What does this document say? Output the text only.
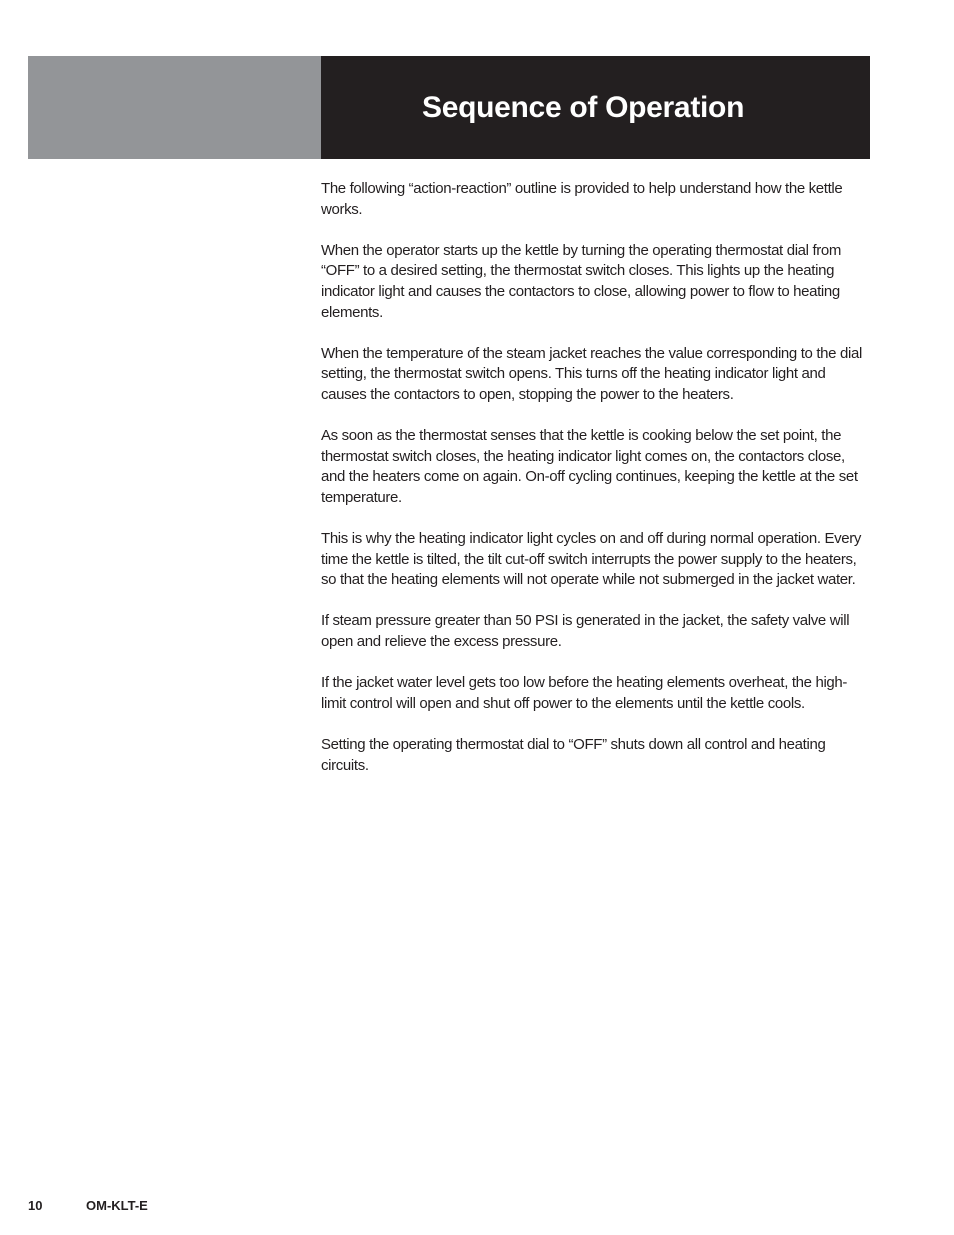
Sequence of Operation

The following “action-reaction” outline is provided to help understand how the kettle works.

When the operator starts up the kettle by turning the operating thermostat dial from “OFF” to a desired setting, the thermostat switch closes. This lights up the heating indicator light and causes the contactors to close, allowing power to flow to heating elements.

When the temperature of the steam jacket reaches the value corresponding to the dial setting, the thermostat switch opens. This turns off the heating indicator light and causes the contactors to open, stopping the power to the heaters.

As soon as the thermostat senses that the kettle is cooking below the set point, the thermostat switch closes, the heating indicator light comes on, the contactors close, and the heaters come on again. On-off cycling continues, keeping the kettle at the set temperature.

This is why the heating indicator light cycles on and off during normal operation. Every time the kettle is tilted, the tilt cut-off switch interrupts the power supply to the heaters, so that the heating elements will not operate while not submerged in the jacket water.

If steam pressure greater than 50 PSI is generated in the jacket, the safety valve will open and relieve the excess pressure.

If the jacket water level gets too low before the heating elements overheat, the high-limit control will open and shut off power to the elements until the kettle cools.

Setting the operating thermostat dial to “OFF” shuts down all control and heating circuits.

10	OM-KLT-E
